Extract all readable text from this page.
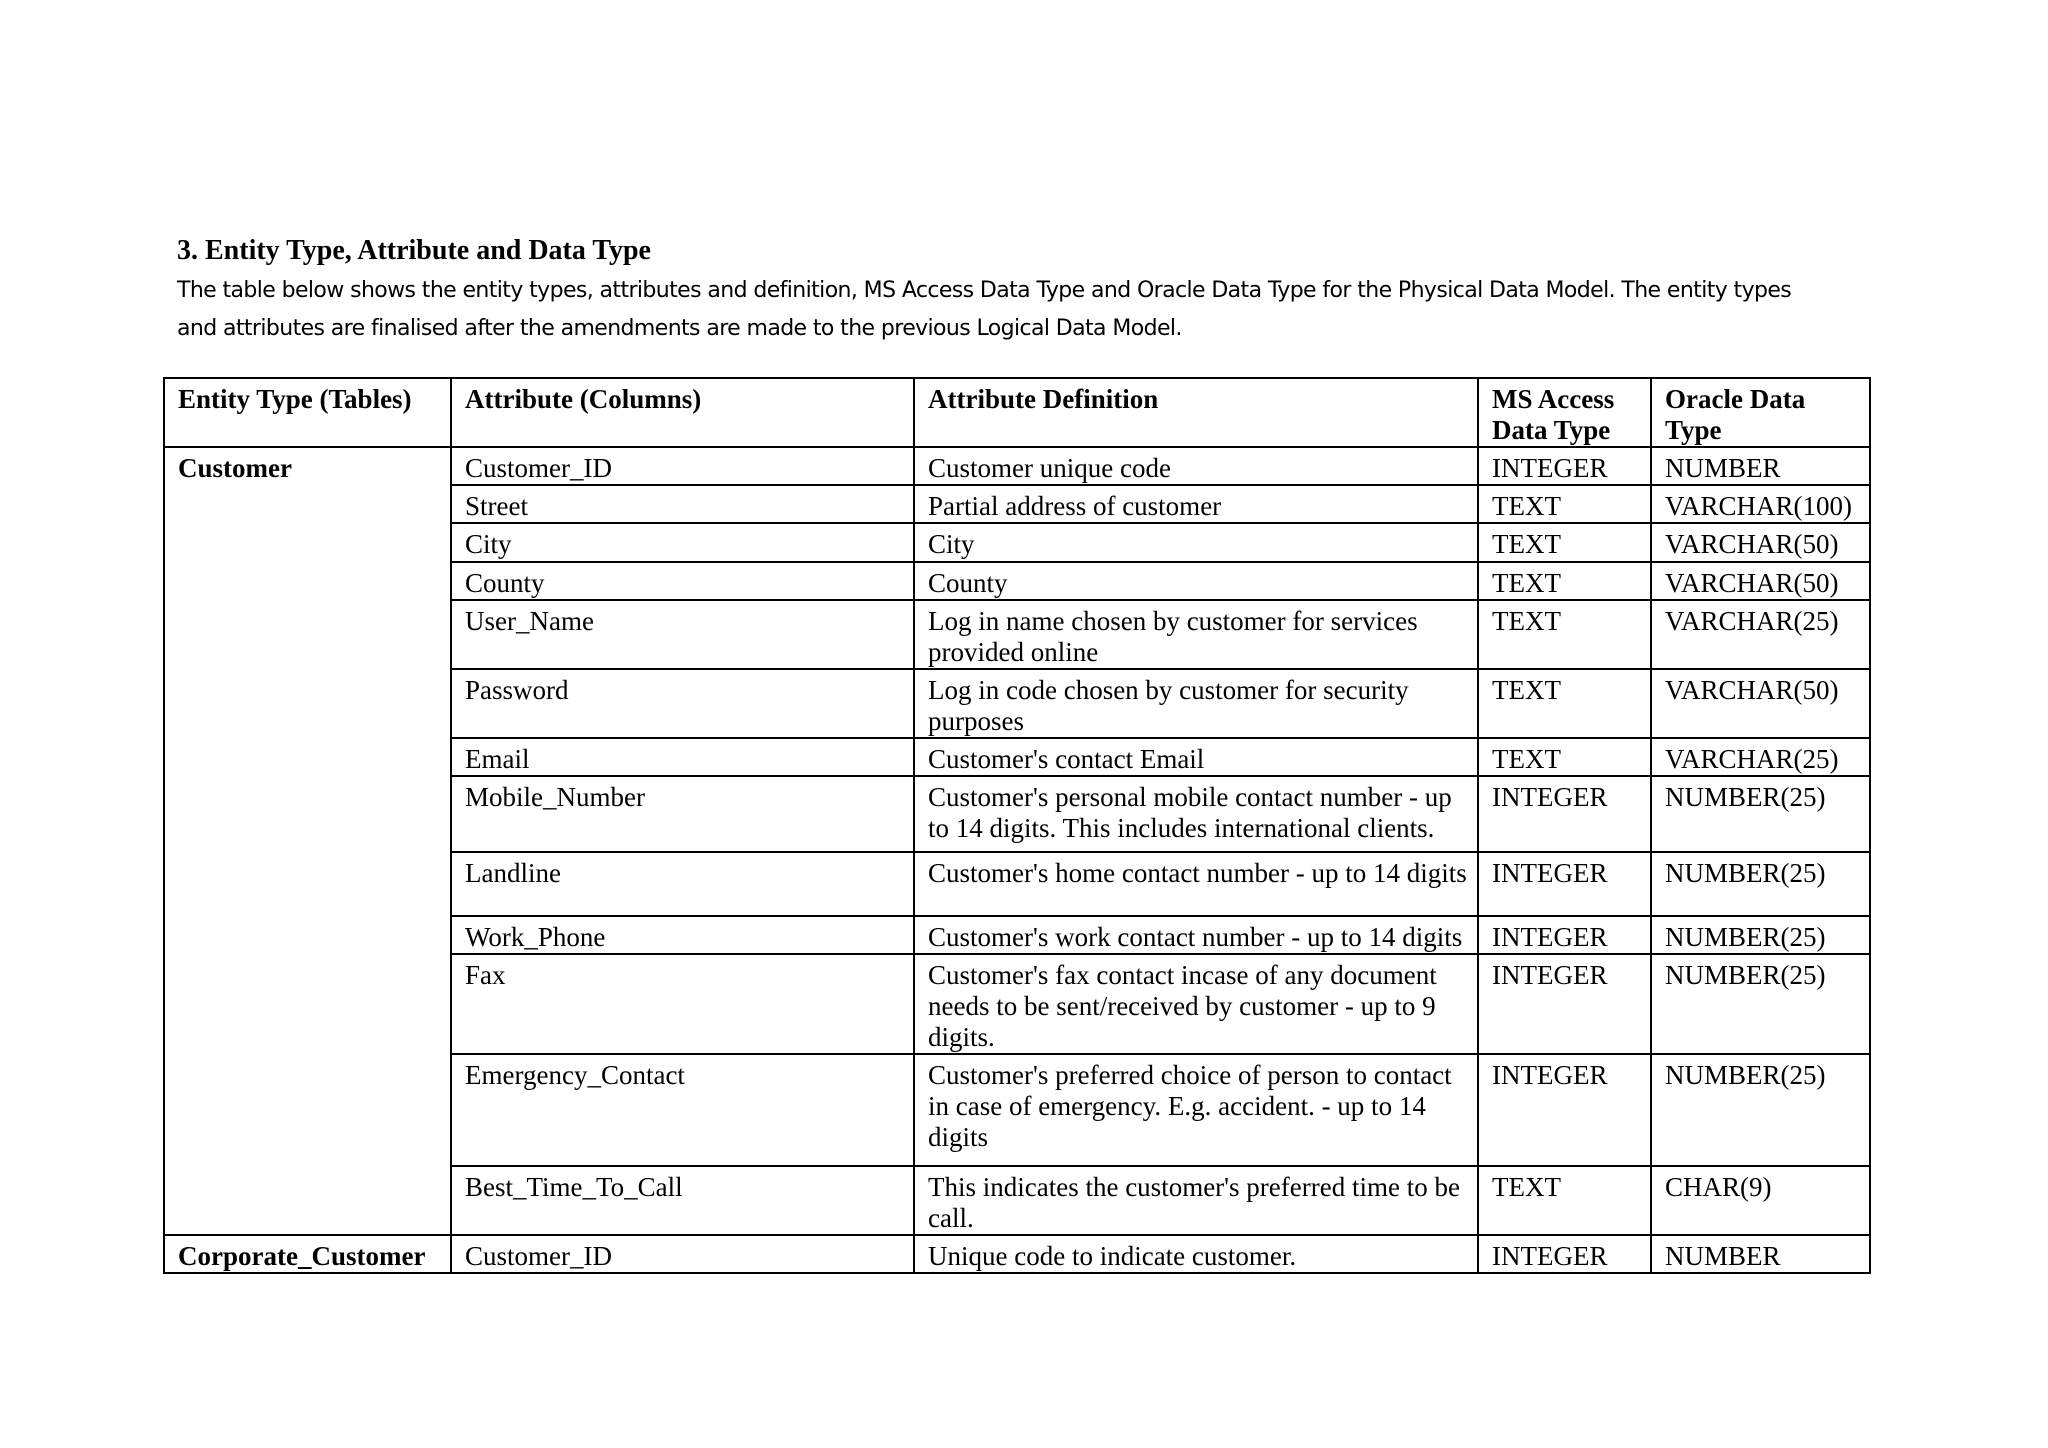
3. Entity Type, Attribute and Data Type

The table below shows the entity types, attributes and definition, MS Access Data Type and Oracle Data Type for the Physical Data Model. The entity types
and attributes are finalised after the amendments are made to the previous Logical Data Model.

Entity Type (Tables)	Attribute (Columns)	Attribute Definition	MS Access Data Type	Oracle Data Type
Customer	Customer_ID	Customer unique code	INTEGER	NUMBER
	Street	Partial address of customer	TEXT	VARCHAR(100)
	City	City	TEXT	VARCHAR(50)
	County	County	TEXT	VARCHAR(50)
	User_Name	Log in name chosen by customer for services provided online	TEXT	VARCHAR(25)
	Password	Log in code chosen by customer for security purposes	TEXT	VARCHAR(50)
	Email	Customer's contact Email	TEXT	VARCHAR(25)
	Mobile_Number	Customer's personal mobile contact number - up to 14 digits. This includes international clients.	INTEGER	NUMBER(25)
	Landline	Customer's home contact number - up to 14 digits	INTEGER	NUMBER(25)
	Work_Phone	Customer's work contact number - up to 14 digits	INTEGER	NUMBER(25)
	Fax	Customer's fax contact incase of any document needs to be sent/received by customer - up to 9 digits.	INTEGER	NUMBER(25)
	Emergency_Contact	Customer's preferred choice of person to contact in case of emergency. E.g. accident. - up to 14 digits	INTEGER	NUMBER(25)
	Best_Time_To_Call	This indicates the customer's preferred time to be call.	TEXT	CHAR(9)
Corporate_Customer	Customer_ID	Unique code to indicate customer.	INTEGER	NUMBER
